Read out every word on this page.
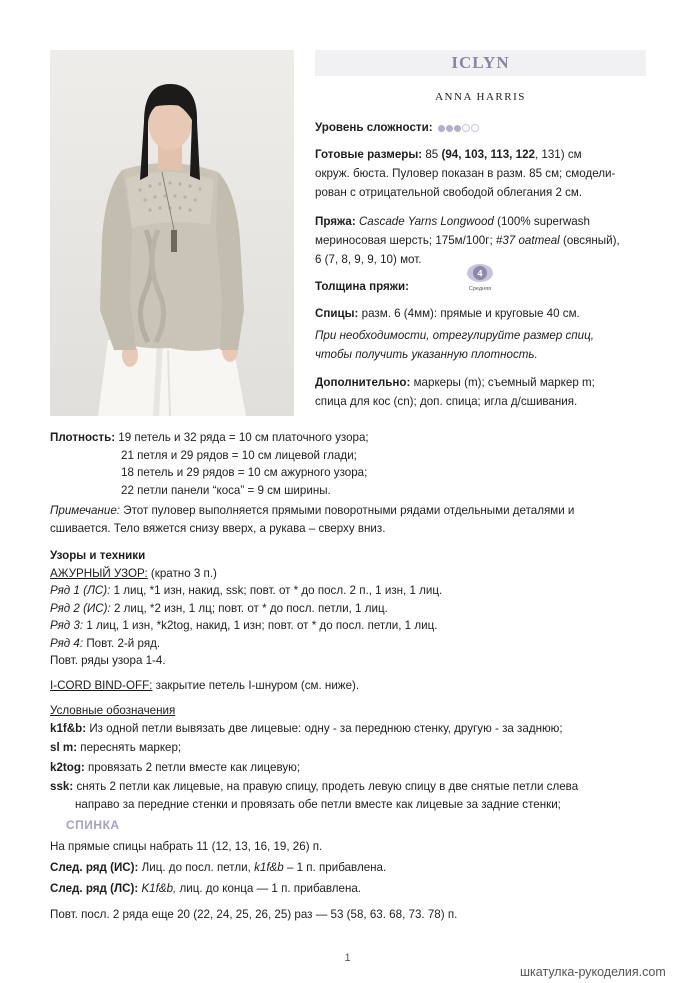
ICLYN
ANNA HARRIS
Уровень сложности:
Готовые размеры: 85 (94, 103, 113, 122, 131) см
окруж. бюста. Пуловер показан в разм. 85 см; смодели-
рован с отрицательной свободой облегания 2 см.
Пряжа: Cascade Yarns Longwood (100% superwash
мериносовая шерсть; 175м/100г; #37 oatmeal (овсяный),
6 (7, 8, 9, 9, 10) мот.
Толщина пряжи:
4
Средняя
Спицы: разм. 6 (4мм): прямые и круговые 40 см.
При необходимости, отрегулируйте размер спиц,
чтобы получить указанную плотность.
Дополнительно: маркеры (m); съемный маркер m;
спица для кос (cn); доп. спица; игла д/сшивания.
Плотность: 19 петель и 32 ряда = 10 см платочного узора;
21 петля и 29 рядов = 10 см лицевой глади;
18 петель и 29 рядов = 10 см ажурного узора;
22 петли панели “коса” = 9 см ширины.
Примечание: Этот пуловер выполняется прямыми поворотными рядами отдельными деталями и
сшивается. Тело вяжется снизу вверх, а рукава – сверху вниз.
Узоры и техники
АЖУРНЫЙ УЗОР: (кратно 3 п.)
Ряд 1 (ЛС): 1 лиц, *1 изн, накид, ssk; повт. от * до посл. 2 п., 1 изн, 1 лиц.
Ряд 2 (ИС): 2 лиц, *2 изн, 1 лц; повт. от * до посл. петли, 1 лиц.
Ряд 3: 1 лиц, 1 изн, *k2tog, накид, 1 изн; повт. от * до посл. петли, 1 лиц.
Ряд 4: Повт. 2-й ряд.
Повт. ряды узора 1-4.
I-CORD BIND-OFF: закрытие петель I-шнуром (см. ниже).
Условные обозначения
k1f&b: Из одной петли вывязать две лицевые: одну - за переднюю стенку, другую - за заднюю;
sl m: переснять маркер;
k2tog: провязать 2 петли вместе как лицевую;
ssk: снять 2 петли как лицевые, на правую спицу, продеть левую спицу в две снятые петли слева
направо за передние стенки и провязать обе петли вместе как лицевые за задние стенки;
СПИНКА
На прямые спицы набрать 11 (12, 13, 16, 19, 26) п.
След. ряд (ИС): Лиц. до посл. петли, k1f&b – 1 п. прибавлена.
След. ряд (ЛС): K1f&b, лиц. до конца — 1 п. прибавлена.
Повт. посл. 2 ряда еще 20 (22, 24, 25, 26, 25) раз — 53 (58, 63. 68, 73. 78) п.
1
шкатулка-рукоделия.com
